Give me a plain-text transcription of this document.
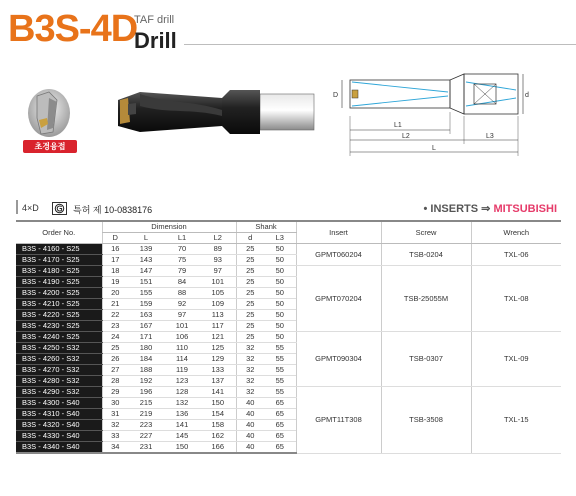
B3S-4D
TAF drill
Drill
초경융접
D	d
L1
L2	L3
L
4×D	특허 제 10-0838176	• INSERTS ⇒ MITSUBISHI
Order No.	Dimension				Shank		Insert	Screw	Wrench
	D	L	L1	L2	d	L3			
B3S - 4160 - S25	16	139	70	89	25	50	GPMT060204	TSB-0204	TXL-06
B3S - 4170 - S25	17	143	75	93	25	50			
B3S - 4180 - S25	18	147	79	97	25	50	GPMT070204	TSB-25055M	TXL-08
B3S - 4190 - S25	19	151	84	101	25	50			
B3S - 4200 - S25	20	155	88	105	25	50			
B3S - 4210 - S25	21	159	92	109	25	50			
B3S - 4220 - S25	22	163	97	113	25	50			
B3S - 4230 - S25	23	167	101	117	25	50			
B3S - 4240 - S25	24	171	106	121	25	50	GPMT090304	TSB-0307	TXL-09
B3S - 4250 - S32	25	180	110	125	32	55			
B3S - 4260 - S32	26	184	114	129	32	55			
B3S - 4270 - S32	27	188	119	133	32	55			
B3S - 4280 - S32	28	192	123	137	32	55			
B3S - 4290 - S32	29	196	128	141	32	55	GPMT11T308	TSB-3508	TXL-15
B3S - 4300 - S40	30	215	132	150	40	65			
B3S - 4310 - S40	31	219	136	154	40	65			
B3S - 4320 - S40	32	223	141	158	40	65			
B3S - 4330 - S40	33	227	145	162	40	65			
B3S - 4340 - S40	34	231	150	166	40	65			
